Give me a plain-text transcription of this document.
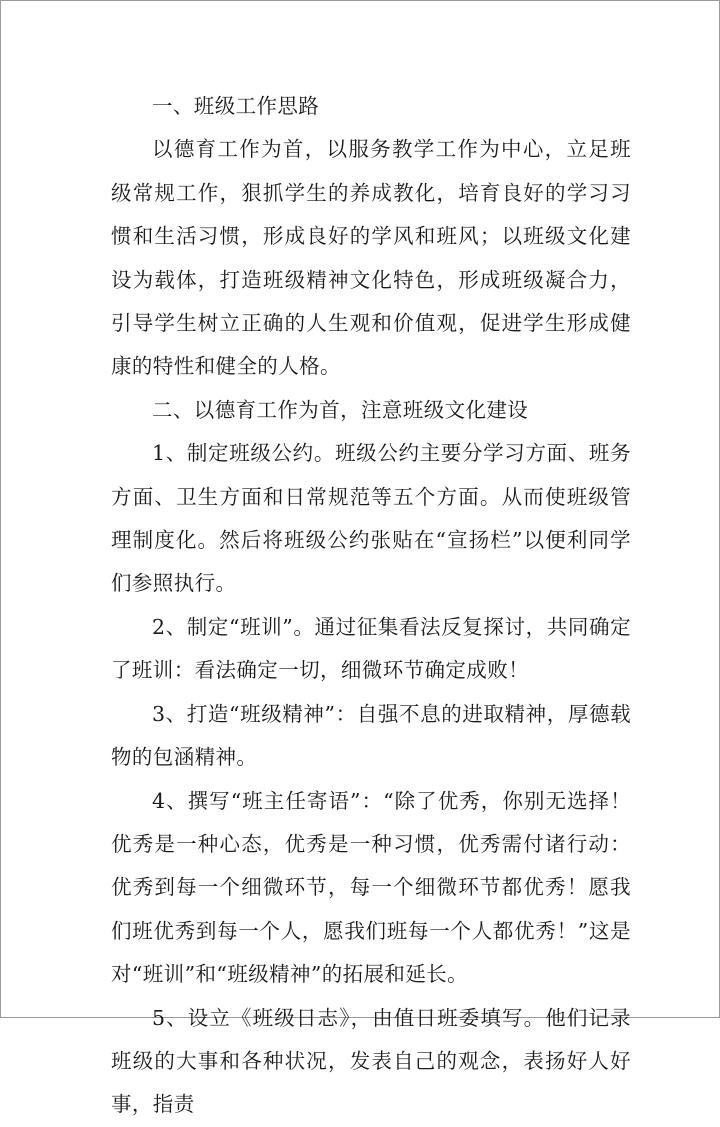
一、班级工作思路

以德育工作为首，以服务教学工作为中心，立足班级常规工作，狠抓学生的养成教化，培育良好的学习习惯和生活习惯，形成良好的学风和班风；以班级文化建设为载体，打造班级精神文化特色，形成班级凝合力，引导学生树立正确的人生观和价值观，促进学生形成健康的特性和健全的人格。

二、以德育工作为首，注意班级文化建设

1、制定班级公约。班级公约主要分学习方面、班务方面、卫生方面和日常规范等五个方面。从而使班级管理制度化。然后将班级公约张贴在“宣扬栏”以便利同学们参照执行。

2、制定“班训”。通过征集看法反复探讨，共同确定了班训：看法确定一切，细微环节确定成败！

3、打造“班级精神”：自强不息的进取精神，厚德载物的包涵精神。

4、撰写“班主任寄语”：“除了优秀，你别无选择！优秀是一种心态，优秀是一种习惯，优秀需付诸行动：优秀到每一个细微环节，每一个细微环节都优秀！愿我们班优秀到每一个人，愿我们班每一个人都优秀！”这是对“班训”和“班级精神”的拓展和延长。

5、设立《班级日志》，由值日班委填写。他们记录班级的大事和各种状况，发表自己的观念，表扬好人好事，指责
